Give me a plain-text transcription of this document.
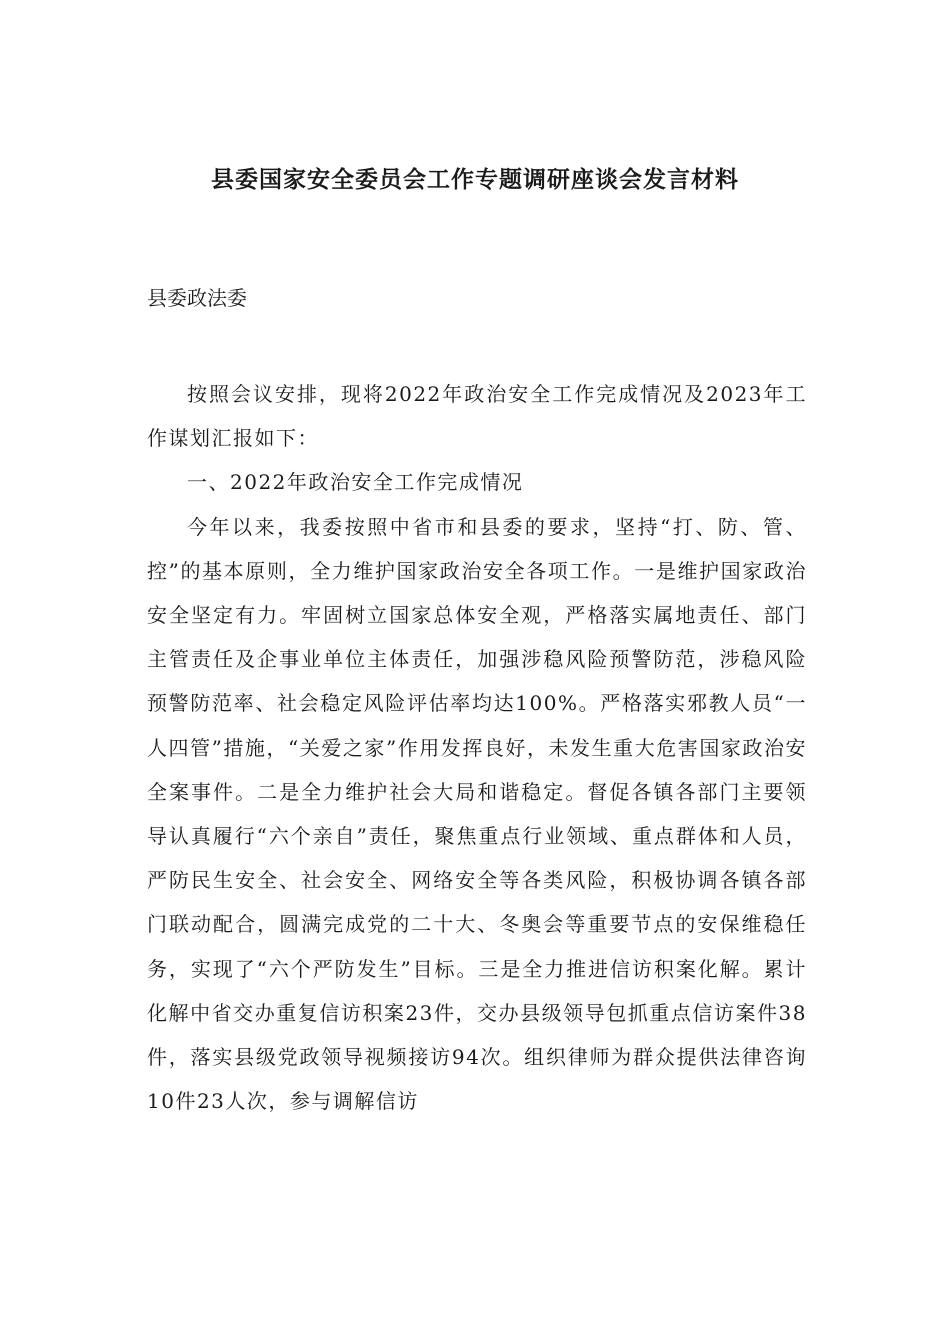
县委国家安全委员会工作专题调研座谈会发言材料
县委政法委

按照会议安排，现将2022年政治安全工作完成情况及2023年工作谋划汇报如下：

一、2022年政治安全工作完成情况

今年以来，我委按照中省市和县委的要求，坚持“打、防、管、控”的基本原则，全力维护国家政治安全各项工作。一是维护国家政治安全坚定有力。牢固树立国家总体安全观，严格落实属地责任、部门主管责任及企事业单位主体责任，加强涉稳风险预警防范，涉稳风险预警防范率、社会稳定风险评估率均达100%。严格落实邪教人员“一人四管”措施，“关爱之家”作用发挥良好，未发生重大危害国家政治安全案事件。二是全力维护社会大局和谐稳定。督促各镇各部门主要领导认真履行“六个亲自”责任，聚焦重点行业领域、重点群体和人员，严防民生安全、社会安全、网络安全等各类风险，积极协调各镇各部门联动配合，圆满完成党的二十大、冬奥会等重要节点的安保维稳任务，实现了“六个严防发生”目标。三是全力推进信访积案化解。累计化解中省交办重复信访积案23件，交办县级领导包抓重点信访案件38件，落实县级党政领导视频接访94次。组织律师为群众提供法律咨询10件23人次，参与调解信访
